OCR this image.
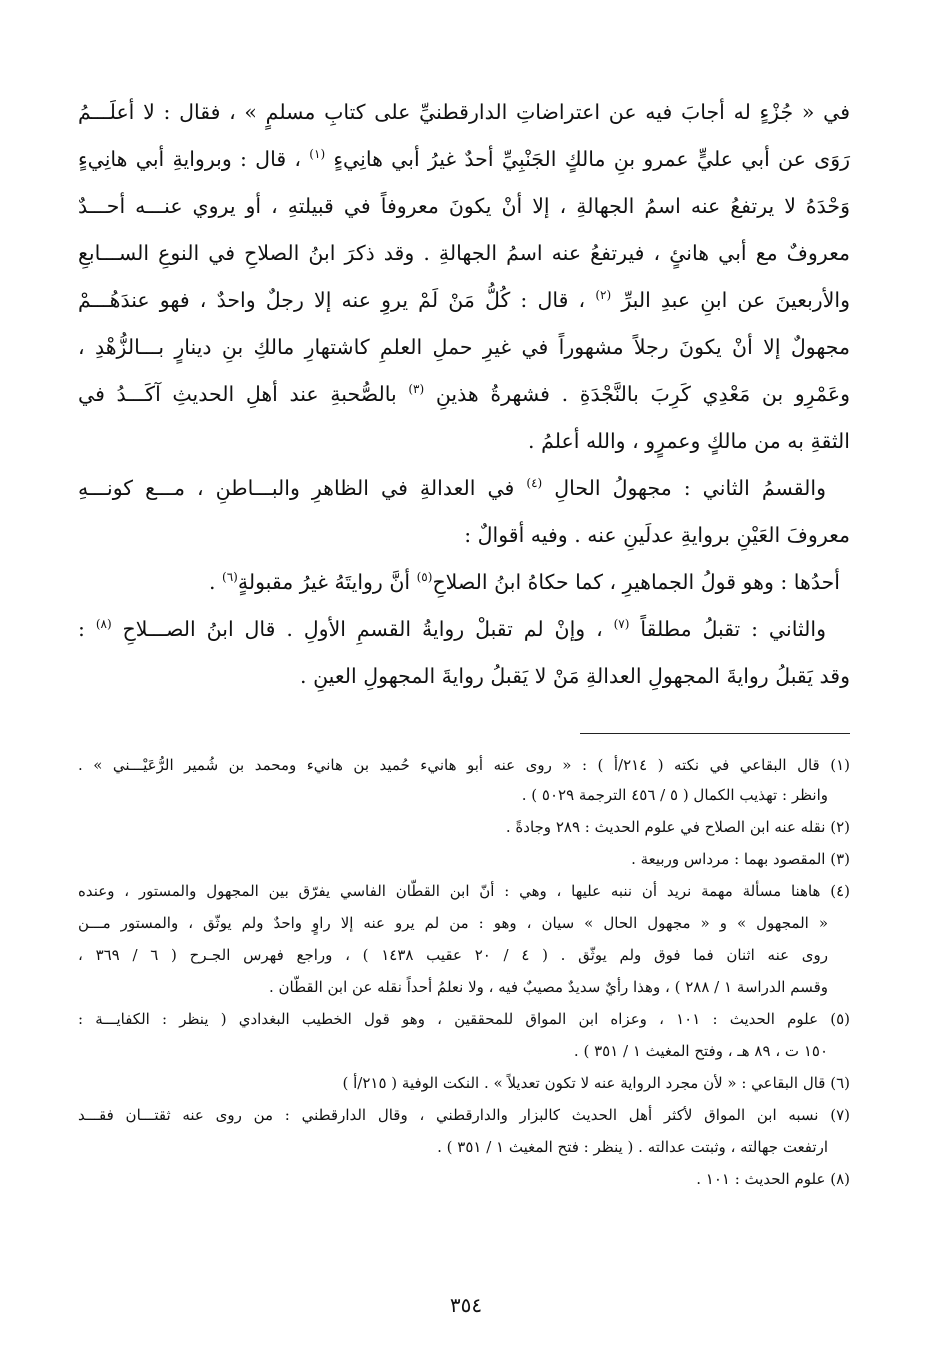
في « جُزْءٍ له أجابَ فيه عن اعتراضاتِ الدارقطنيِّ على كتابِ مسلمٍ » ، فقال : لا أعلَـــمُ
رَوَى عن أبي عليٍّ عمرو بنِ مالكٍ الجَنْبِيِّ أحدٌ غيرُ أبي هانِيءٍ $^{(١)}$ ، قال : وبروايةِ أبي هانِيءٍ
وَحْدَهُ لا يرتفعُ عنه اسمُ الجهالةِ ، إلا أنْ يكونَ معروفاً في قبيلتهِ ، أو يروي عنـــه أحـــدٌ
معروفٌ مع أبي هانئٍ ، فيرتفعُ عنه اسمُ الجهالةِ . وقد ذكرَ ابنُ الصلاحِ في النوعِ الســـابعِ
والأربعينَ عن ابنِ عبدِ البرِّ $^{(٢)}$ ، قال : كُلُّ مَنْ لَمْ يروِ عنه إلا رجلٌ واحدٌ ، فهو عندَهُـــمْ
مجهولٌ إلا أنْ يكونَ رجلاً مشهوراً في غيرِ حملِ العلمِ كاشتهارِ مالكِ بنِ دينارٍ بـــالزُّهْدِ ،
وعَمْرِو بن مَعْدِي كَرِبَ بالنَّجْدَةِ . فشهرةُ هذينِ $^{(٣)}$ بالصُّحبةِ عند أهلِ الحديثِ آكَـــدُ في
الثقةِ به من مالكٍ وعمرٍو ، والله أعلمُ .
والقسمُ الثاني : مجهولُ الحالِ $^{(٤)}$ في العدالةِ في الظاهرِ والبـــاطنِ ، مـــع كونـــهِ
معروفَ العَيْنِ بروايةِ عدلَينِ عنه . وفيه أقوالٌ :
أحدُها : وهو قولُ الجماهيرِ ، كما حكاهُ ابنُ الصلاحِ$^{(٥)}$ أنَّ روايتَهُ غيرُ مقبولةٍ$^{(٦)}$ .
والثاني : تقبلُ مطلقاً $^{(٧)}$ ، وإنْ لم تقبلْ روايةُ القسمِ الأولِ . قال ابنُ الصـــلاحِ $^{(٨)}$ :
وقد يَقبلُ روايةَ المجهولِ العدالةِ مَنْ لا يَقبلُ روايةَ المجهولِ العينِ .
(١) قال البقاعي في نكته ( ٢١٤/أ ) : « روى عنه أبو هانيء حُميد بن هانيء ومحمد بن شُمير الرُّعَيْـــني » .
وانظر : تهذيب الكمال ( ٥ / ٤٥٦ الترجمة ٥٠٢٩ ) .
(٢) نقله عنه ابن الصلاح في علوم الحديث : ٢٨٩ وجادةً .
(٣) المقصود بهما : مرداس وربيعة .
(٤) هاهنا مسألة مهمة نريد أن ننبه عليها ، وهي : أنّ ابن القطّان الفاسي يفرّق بين المجهول والمستور ، وعنده
« المجهول » و « مجهول الحال » سيان ، وهو : من لم يرو عنه إلا راوٍ واحدٌ ولم يوثّق ، والمستور مـــن
روى عنه اثنان فما فوق ولم يوثّق . ( ٤ / ٢٠ عقيب ١٤٣٨ ) ، وراجع فهرس الجـرح ( ٦ / ٣٦٩ ،
وقسم الدراسة ١ / ٢٨٨ ) ، وهذا رأيٌ سديدٌ مصيبٌ فيه ، ولا نعلمُ أحداً نقله عن ابن القطّان .
(٥) علوم الحديث : ١٠١ ، وعزاه ابن المواق للمحققين ، وهو قول الخطيب البغدادي ( ينظر : الكفايـــة :
١٥٠ ت ، ٨٩ هـ ، وفتح المغيث ١ / ٣٥١ ) .
(٦) قال البقاعي : « لأن مجرد الرواية عنه لا تكون تعديلاً » . النكت الوفية ( ٢١٥/أ )
(٧) نسبه ابن المواق لأكثر أهل الحديث كالبزار والدارقطني ، وقال الدارقطني : من روى عنه ثقتـــان فقـــد
ارتفعت جهالته ، وثبتت عدالته . ( ينظر : فتح المغيث ١ / ٣٥١ ) .
(٨) علوم الحديث : ١٠١ .
٣٥٤
